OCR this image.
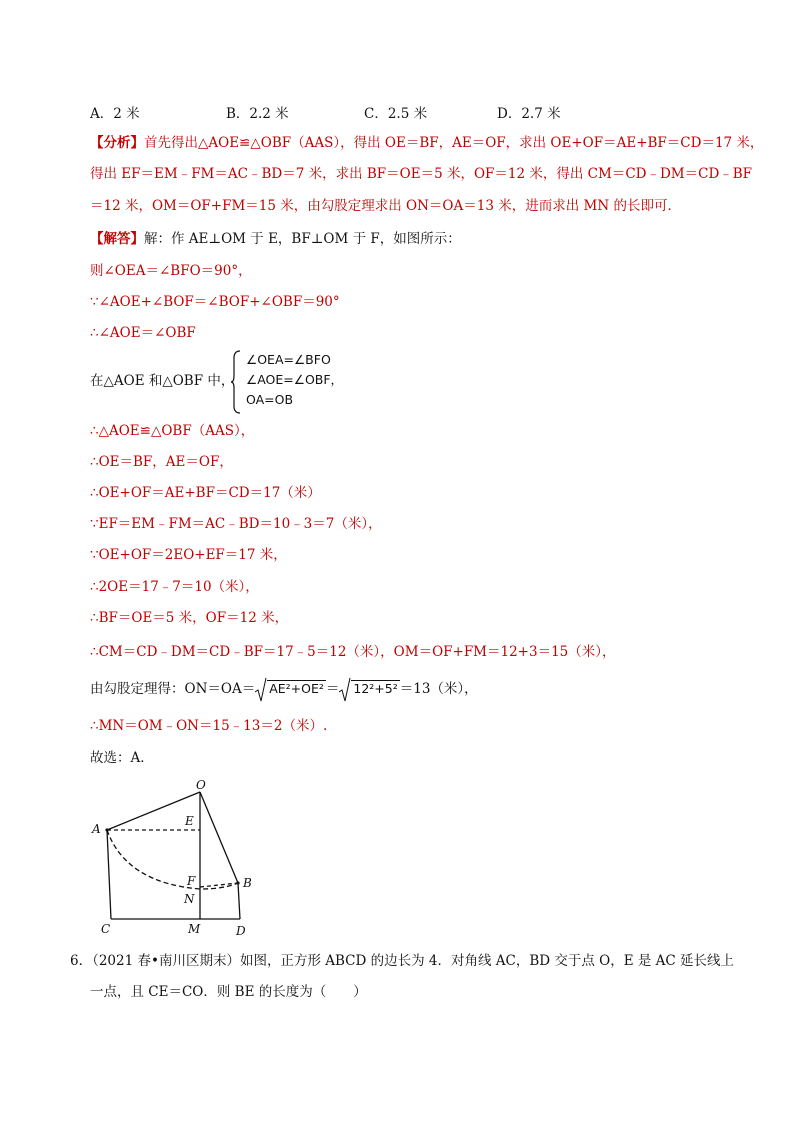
A．2 米	B．2.2 米	C．2.5 米	D．2.7 米
【分析】首先得出△AOE≌△OBF（AAS），得出 OE＝BF，AE＝OF，求出 OE+OF＝AE+BF＝CD＝17 米，
得出 EF＝EM﹣FM＝AC﹣BD＝7 米，求出 BF＝OE＝5 米，OF＝12 米，得出 CM＝CD﹣DM＝CD﹣BF
＝12 米，OM＝OF+FM＝15 米，由勾股定理求出 ON＝OA＝13 米，进而求出 MN 的长即可．
【解答】解：作 AE⊥OM 于 E，BF⊥OM 于 F，如图所示：
则∠OEA＝∠BFO＝90°，
∵∠AOE+∠BOF＝∠BOF+∠OBF＝90°
∴∠AOE＝∠OBF
在△AOE 和△OBF 中，
∠OEA=∠BFO
∠AOE=∠OBF，
OA=OB
∴△AOE≌△OBF（AAS），
∴OE＝BF，AE＝OF，
∴OE+OF＝AE+BF＝CD＝17（米）
∵EF＝EM﹣FM＝AC﹣BD＝10﹣3＝7（米），
∵OE+OF＝2EO+EF＝17 米，
∴2OE＝17﹣7＝10（米），
∴BF＝OE＝5 米，OF＝12 米，
∴CM＝CD﹣DM＝CD﹣BF＝17﹣5＝12（米），OM＝OF+FM＝12+3＝15（米），
由勾股定理得：ON＝OA＝ AE²+OE² ＝ 12²+5² ＝13（米），
∴MN＝OM﹣ON＝15﹣13＝2（米）.
故选：A．
O
A
E
F
N
B
C	M	D
6．（2021 春•南川区期末）如图，正方形 ABCD 的边长为 4．对角线 AC，BD 交于点 O，E 是 AC 延长线上
一点，且 CE＝CO．则 BE 的长度为（　　）
